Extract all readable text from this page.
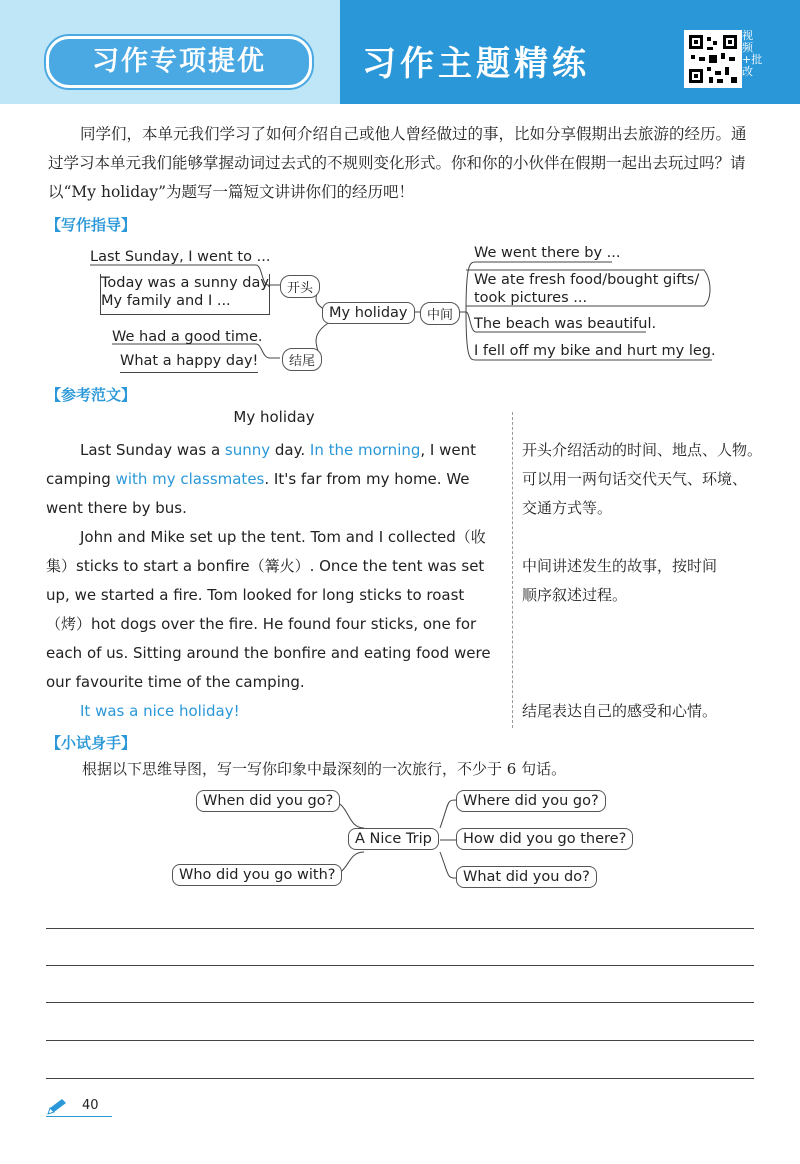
习作专项提优	习作主题精练
视频+批改
同学们，本单元我们学习了如何介绍自己或他人曾经做过的事，比如分享假期出去旅游的经历。通过学习本单元我们能够掌握动词过去式的不规则变化形式。你和你的小伙伴在假期一起出去玩过吗？请以“My holiday”为题写一篇短文讲讲你们的经历吧！
【写作指导】
Last Sunday, I went to ...
Today was a sunny day.
My family and I ...
开头
My holiday	中间
We had a good time.
What a happy day!	结尾
We went there by ...
We ate fresh food/bought gifts/
took pictures ...
The beach was beautiful.
I fell off my bike and hurt my leg.
【参考范文】
My holiday
Last Sunday was a sunny day. In the morning, I went
camping with my classmates. It's far from my home. We
went there by bus.
John and Mike set up the tent. Tom and I collected（收
集）sticks to start a bonfire（篝火）. Once the tent was set
up, we started a fire. Tom looked for long sticks to roast
（烤）hot dogs over the fire. He found four sticks, one for
each of us. Sitting around the bonfire and eating food were
our favourite time of the camping.
It was a nice holiday!
开头介绍活动的时间、地点、人物。
可以用一两句话交代天气、环境、
交通方式等。
中间讲述发生的故事，按时间
顺序叙述过程。
结尾表达自己的感受和心情。
【小试身手】
根据以下思维导图，写一写你印象中最深刻的一次旅行，不少于 6 句话。
When did you go?
Who did you go with?
A Nice Trip
Where did you go?
How did you go there?
What did you do?
40
